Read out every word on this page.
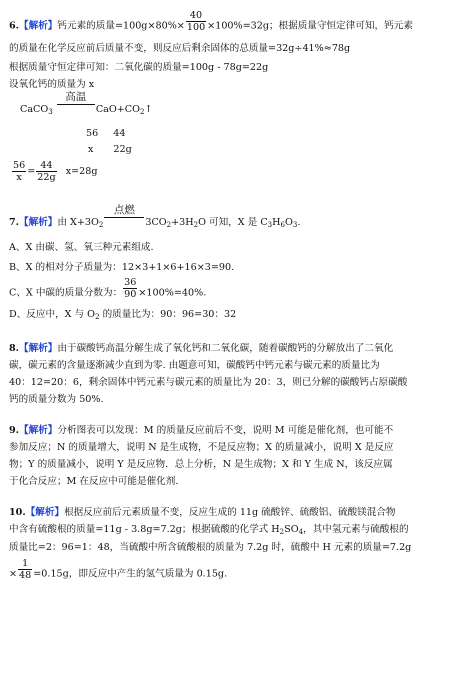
6.【解析】钙元素的质量$=100g\times 80\%\times \frac{40}{100} \times 100\%=32g$；根据质量守恒定律可知，钙元素
的质量在化学反应前后质量不变，则反应后剩余固体的总质量=32g÷41%≈78g
根据质量守恒定律可知：二氧化碳的质量=100g - 78g=22g
设氧化钙的质量为 x
CaCO$_3$
高温
$CaO+CO_2↑$
56 44
x 22g
$\frac{56}{x} = \frac{44}{22g} x=28g$
7.【解析】由 $X+3O_2$
点燃
$3CO_2+3H_2O$ 可知，X 是 $C_3H_6O_3$.
A、X 由碳、氢、氧三种元素组成.
B、X 的相对分子质量为：12×3+1×6+16×3=90.
C、X 中碳的质量分数为： $\frac{36}{90} \times 100\%=40\%$.
D、反应中，X 与 $O_2$ 的质量比为：90：96=30：32
8.【解析】由于碳酸钙高温分解生成了氧化钙和二氧化碳，随着碳酸钙的分解放出了二氧化
碳，碳元素的含量逐渐减少直到为零. 由题意可知，碳酸钙中钙元素与碳元素的质量比为
40：12=20：6，剩余固体中钙元素与碳元素的质量比为 20：3，则已分解的碳酸钙占原碳酸
钙的质量分数为 50%.
9.【解析】分析图表可以发现：M 的质量反应前后不变，说明 M 可能是催化剂，也可能不
参加反应；N 的质量增大，说明 N 是生成物，不是反应物；X 的质量减小，说明 X 是反应
物；Y 的质量减小，说明 Y 是反应物．总上分析，N 是生成物；X 和 Y 生成 N，该反应属
于化合反应；M 在反应中可能是催化剂.
10.【解析】根据反应前后元素质量不变，反应生成的 11g 硫酸锌、硫酸铝、硫酸镁混合物
中含有硫酸根的质量=11g - 3.8g=7.2g；根据硫酸的化学式 $H_2SO_4$，其中氢元素与硫酸根的
质量比=2：96=1：48，当硫酸中所含硫酸根的质量为 7.2g 时，硫酸中 H 元素的质量=7.2g
× $\frac{1}{48} =0.15g$，即反应中产生的氢气质量为 0.15g.
